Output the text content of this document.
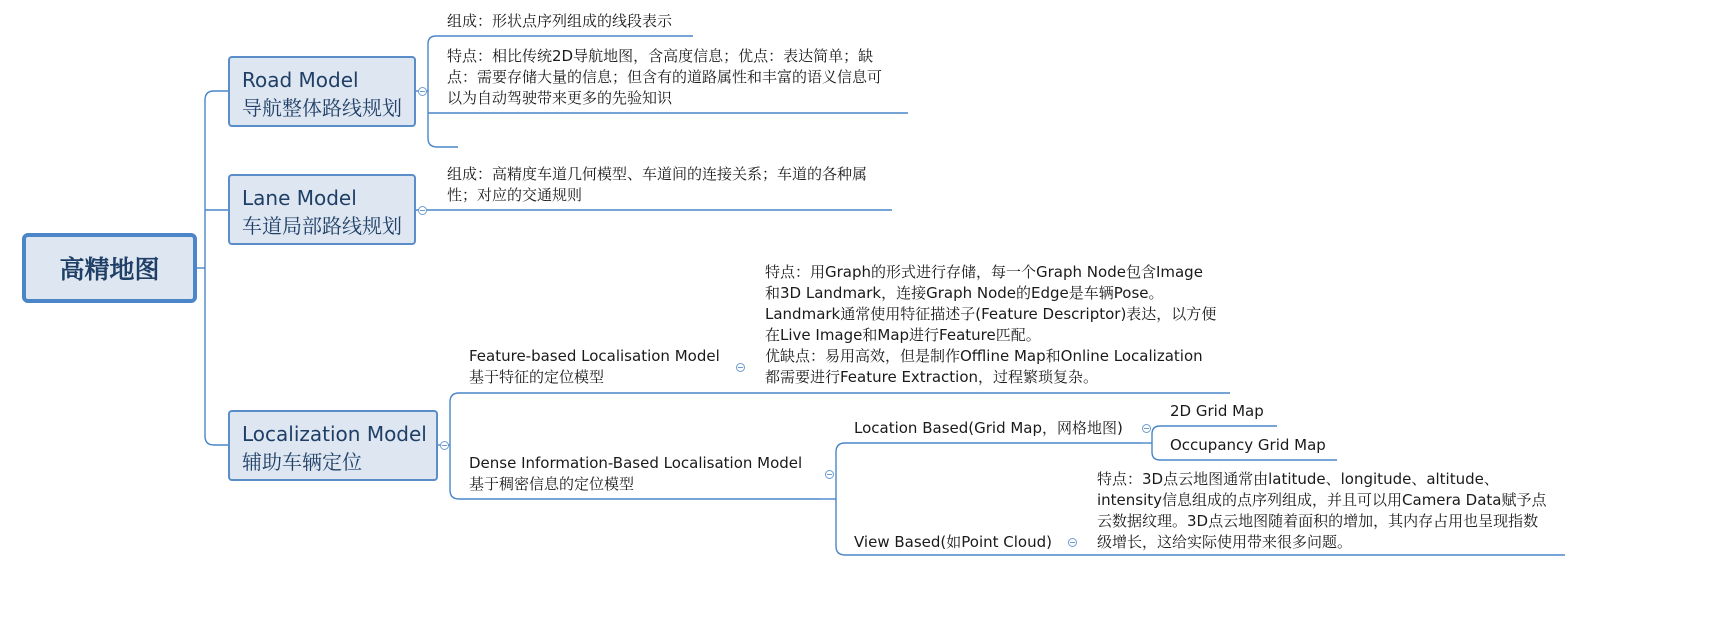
高精地图
Road Model
导航整体路线规划
Lane Model
车道局部路线规划
Localization Model
辅助车辆定位
组成：形状点序列组成的线段表示
特点：相比传统2D导航地图，含高度信息；优点：表达简单；缺
点：需要存储大量的信息；但含有的道路属性和丰富的语义信息可
以为自动驾驶带来更多的先验知识
组成：高精度车道几何模型、车道间的连接关系；车道的各种属
性；对应的交通规则
Feature-based Localisation Model
基于特征的定位模型
特点：用Graph的形式进行存储，每一个Graph Node包含Image
和3D Landmark，连接Graph Node的Edge是车辆Pose。
Landmark通常使用特征描述子(Feature Descriptor)表达，以方便
在Live Image和Map进行Feature匹配。
优缺点：易用高效，但是制作Offline Map和Online Localization
都需要进行Feature Extraction，过程繁琐复杂。
Dense Information-Based Localisation Model
基于稠密信息的定位模型
Location Based(Grid Map，网格地图)
2D Grid Map
Occupancy Grid Map
View Based(如Point Cloud)
特点：3D点云地图通常由latitude、longitude、altitude、
intensity信息组成的点序列组成，并且可以用Camera Data赋予点
云数据纹理。3D点云地图随着面积的增加，其内存占用也呈现指数
级增长，这给实际使用带来很多问题。
